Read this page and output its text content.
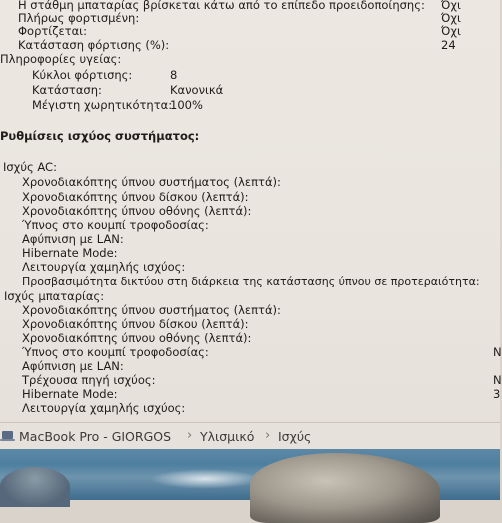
Η στάθμη μπαταρίας βρίσκεται κάτω από το επίπεδο προειδοποίησης: Όχι
Πλήρως φορτισμένη:	Όχι
Φορτίζεται:	Όχι
Κατάσταση φόρτισης (%):	24
Πληροφορίες υγείας:
Κύκλοι φόρτισης:	8
Κατάσταση:	Κανονικά
Μέγιστη χωρητικότητα:
100%
Ρυθμίσεις ισχύος συστήματος:
Ισχύς AC:
Χρονοδιακόπτης ύπνου συστήματος (λεπτά):
Χρονοδιακόπτης ύπνου δίσκου (λεπτά):
Χρονοδιακόπτης ύπνου οθόνης (λεπτά):
Ύπνος στο κουμπί τροφοδοσίας:
Αφύπνιση με LAN:
Hibernate Mode:
Λειτουργία χαμηλής ισχύος:
Προσβασιμότητα δικτύου στη διάρκεια της κατάστασης ύπνου σε προτεραιότητα:
Ισχύς μπαταρίας:
Χρονοδιακόπτης ύπνου συστήματος (λεπτά):
Χρονοδιακόπτης ύπνου δίσκου (λεπτά):
Χρονοδιακόπτης ύπνου οθόνης (λεπτά):
Ύπνος στο κουμπί τροφοδοσίας:	N
Αφύπνιση με LAN:
Τρέχουσα πηγή ισχύος:	N
Hibernate Mode:	3
Λειτουργία χαμηλής ισχύος:
MacBook Pro - GIORGOS › Υλισμικό › Ισχύς
